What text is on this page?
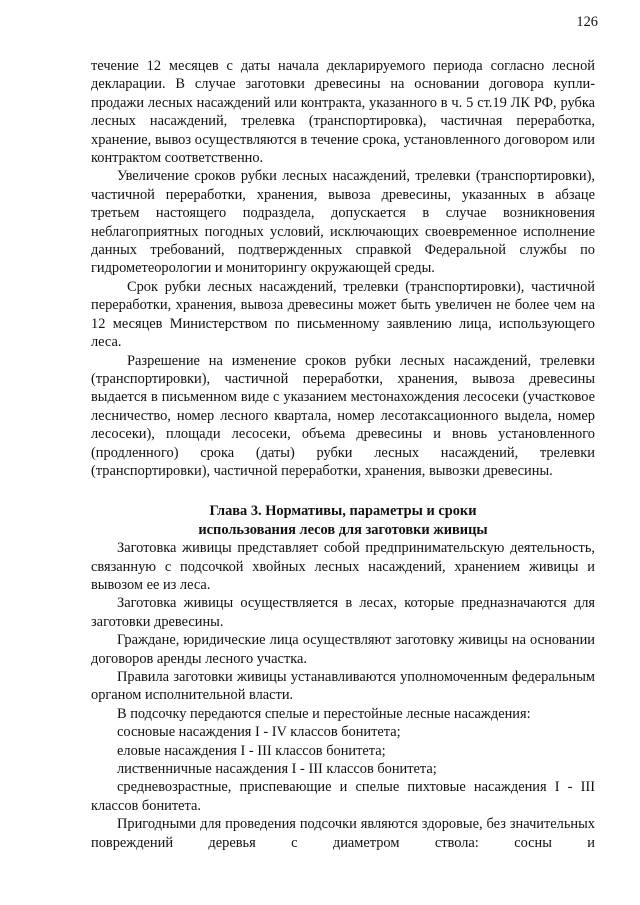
126

течение 12 месяцев с даты начала декларируемого периода согласно лесной декларации. В случае заготовки древесины на основании договора купли-продажи лесных насаждений или контракта, указанного в ч. 5 ст.19 ЛК РФ, рубка лесных насаждений, трелевка (транспортировка), частичная переработка, хранение, вывоз осуществляются в течение срока, установленного договором или контрактом соответственно.

Увеличение сроков рубки лесных насаждений, трелевки (транспортировки), частичной переработки, хранения, вывоза древесины, указанных в абзаце третьем настоящего подраздела, допускается в случае возникновения неблагоприятных погодных условий, исключающих своевременное исполнение данных требований, подтвержденных справкой Федеральной службы по гидрометеорологии и мониторингу окружающей среды.

Срок рубки лесных насаждений, трелевки (транспортировки), частичной переработки, хранения, вывоза древесины может быть увеличен не более чем на 12 месяцев Министерством по письменному заявлению лица, использующего леса.

Разрешение на изменение сроков рубки лесных насаждений, трелевки (транспортировки), частичной переработки, хранения, вывоза древесины выдается в письменном виде с указанием местонахождения лесосеки (участковое лесничество, номер лесного квартала, номер лесотаксационного выдела, номер лесосеки), площади лесосеки, объема древесины и вновь установленного (продленного) срока (даты) рубки лесных насаждений, трелевки (транспортировки), частичной переработки, хранения, вывозки древесины.

Глава 3. Нормативы, параметры и сроки

использования лесов для заготовки живицы

Заготовка живицы представляет собой предпринимательскую деятельность, связанную с подсочкой хвойных лесных насаждений, хранением живицы и вывозом ее из леса.

Заготовка живицы осуществляется в лесах, которые предназначаются для заготовки древесины.

Граждане, юридические лица осуществляют заготовку живицы на основании договоров аренды лесного участка.

Правила заготовки живицы устанавливаются уполномоченным федеральным органом исполнительной власти.

В подсочку передаются спелые и перестойные лесные насаждения:

сосновые насаждения I - IV классов бонитета;

еловые насаждения I - III классов бонитета;

лиственничные насаждения I - III классов бонитета;

средневозрастные, приспевающие и спелые пихтовые насаждения I - III классов бонитета.

Пригодными для проведения подсочки являются здоровые, без значительных повреждений деревья с диаметром ствола: сосны и
